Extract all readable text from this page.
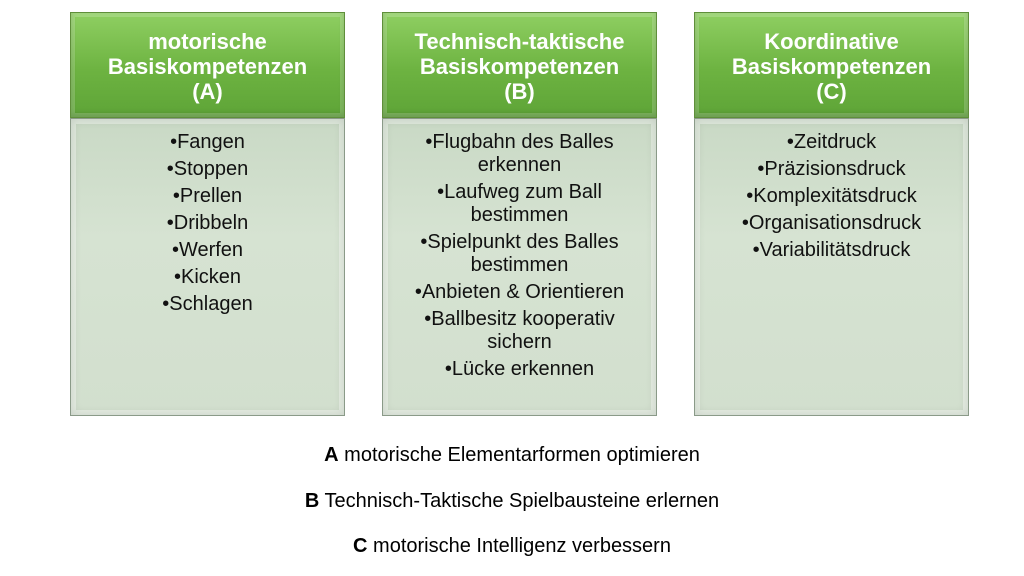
motorische
Basiskompetenzen
(A)
•Fangen
•Stoppen
•Prellen
•Dribbeln
•Werfen
•Kicken
•Schlagen
Technisch-taktische
Basiskompetenzen
(B)
•Flugbahn des Balles
erkennen
•Laufweg zum Ball
bestimmen
•Spielpunkt des Balles
bestimmen
•Anbieten & Orientieren
•Ballbesitz kooperativ
sichern
•Lücke erkennen
Koordinative
Basiskompetenzen
(C)
•Zeitdruck
•Präzisionsdruck
•Komplexitätsdruck
•Organisationsdruck
•Variabilitätsdruck
A motorische Elementarformen optimieren
B Technisch-Taktische Spielbausteine erlernen
C motorische Intelligenz verbessern
